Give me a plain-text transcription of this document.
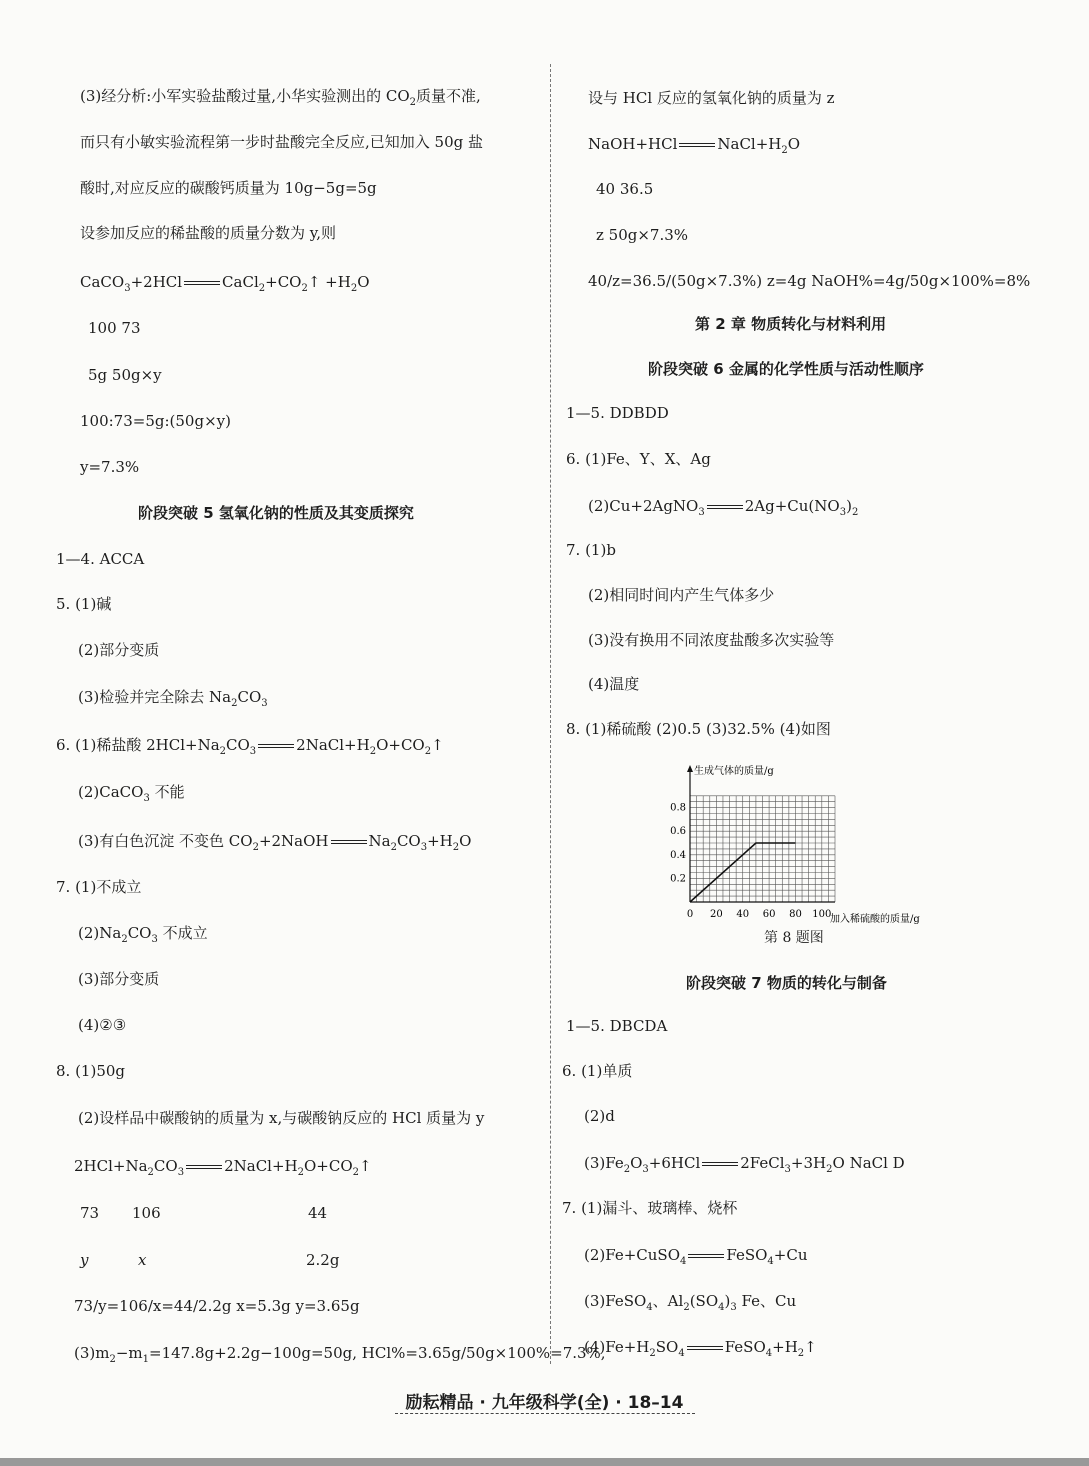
(3)经分析:小军实验盐酸过量,小华实验测出的 $CO_2$质量不准,
而只有小敏实验流程第一步时盐酸完全反应,已知加入 50g 盐
酸时,对应反应的碳酸钙质量为 10g−5g=5g
设参加反应的稀盐酸的质量分数为 y,则
CaCO$_3$+2HCl	$CaCl_2+CO_2↑ +H_2O$
100 73
5g 50g×y
100:73=5g:(50g×y)
y=7.3%
阶段突破 5 氢氧化钠的性质及其变质探究
1—4. ACCA
5. (1)碱
(2)部分变质
(3)检验并完全除去 $Na_2CO_3$
6. (1)稀盐酸 $2HCl+Na_2CO_3$	$2NaCl+H_2O+CO_2↑$
(2)CaCO$_3$ 不能
(3)有白色沉淀 不变色 $CO_2+2NaOH$	$Na_2CO_3+H_2O$
7. (1)不成立
$(2)Na_2CO_3$ 不成立
(3)部分变质
(4)②③
8. (1)50g
(2)设样品中碳酸钠的质量为 x,与碳酸钠反应的 HCl 质量为 y
$2HCl+Na_2CO_3$	$2NaCl+H_2O+CO_2↑$
73 106	44
y	x	2.2g
73/y=106/x=44/2.2g x=5.3g y=3.65g
$(3)m_2-m_1=147.8g+2.2g-100g=50g$, HCl%=3.65g/50g×100%=7.3%,
设与 HCl 反应的氢氧化钠的质量为 z
NaOH+HCl	$NaCl+H_2O$
40 36.5
z 50g×7.3%
40/z=36.5/(50g×7.3%) z=4g NaOH%=4g/50g×100%=8%
第 2 章 物质转化与材料利用
阶段突破 6 金属的化学性质与活动性顺序
1—5. DDBDD
6. (1)Fe、Y、X、Ag
(2)Cu+2AgNO$_3$	$2Ag+Cu(NO_3)_2$
7. (1)b
(2)相同时间内产生气体多少
(3)没有换用不同浓度盐酸多次实验等
(4)温度
8. (1)稀硫酸 (2)0.5 (3)32.5% (4)如图
0 20 40 60 80 100
0.2
0.4
0.6
0.8
生成气体的质量/g
加入稀硫酸的质量/g
第 8 题图
阶段突破 7 物质的转化与制备
1—5. DBCDA
6. (1)单质
(2)d
$(3)Fe_2O_3+6HCl$	$2FeCl_3+3H_2O$ NaCl D
7. (1)漏斗、玻璃棒、烧杯
(2)Fe+CuSO$_4$	FeSO$_4$+Cu
(3)FeSO$_4$、$Al_2(SO_4)_3$ Fe、Cu
$(4)Fe+H_2SO_4$	$FeSO_4+H_2↑$
励耘精品 · 九年级科学(全) · 18–14
